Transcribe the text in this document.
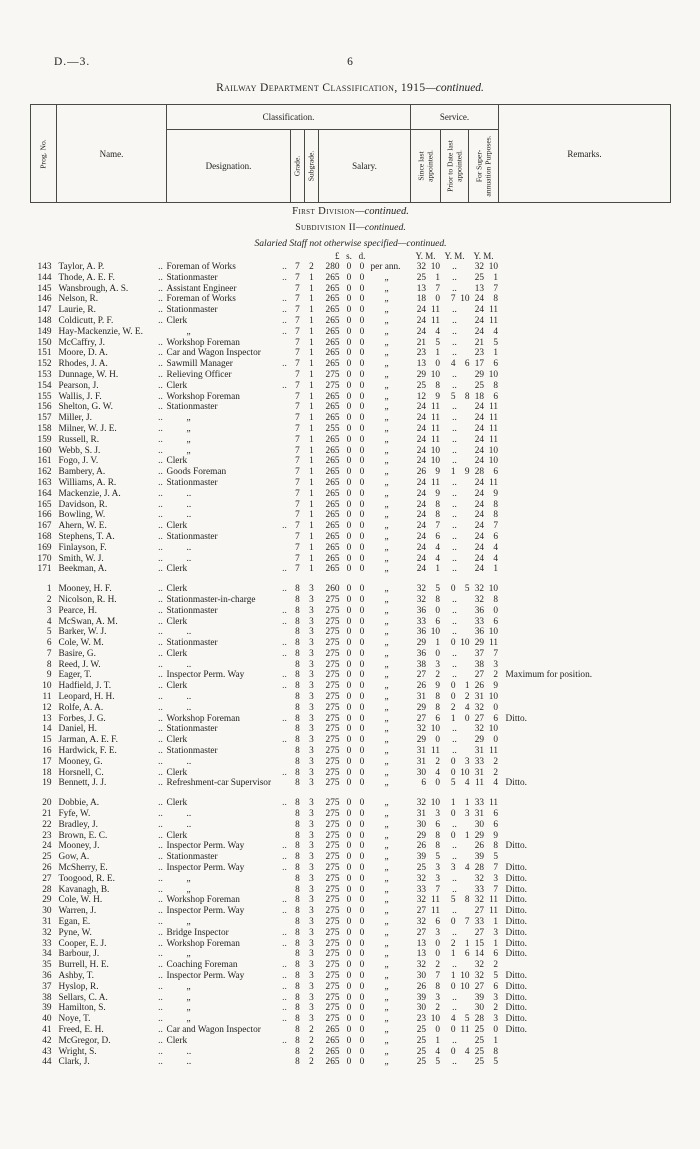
D.—3.	6
Railway Department Classification, 1915—continued.
Prog. No.	Name.		Classification.								Service.			Remarks.
			Designation.		Grade.	Subgrade.	Salary.				Since last appointed.	Prior to Date last appointed.	For Super-annuation Purposes.	

First Division—continued.														
Subdivision II—continued.														
Salaried Staff not otherwise specified—continued.														
							£	s.	d.		Y. M.	Y. M.	Y. M.	
143	Taylor, A. P.	..	Foreman of Works	..	7	2	280	0	0	per ann.	32 10	..	32 10	
144	Thode, A. E. F.	..	Stationmaster	..	7	1	265	0	0	„	25 1	..	25 1	
145	Wansbrough, A. S.	..	Assistant Engineer		7	1	265	0	0	„	13 7	..	13 7	
146	Nelson, R.	..	Foreman of Works	..	7	1	265	0	0	„	18 0	7 10	24 8	
147	Laurie, R.	..	Stationmaster	..	7	1	265	0	0	„	24 11	..	24 11	
148	Coldicutt, P. F.	..	Clerk	..	7	1	265	0	0	„	24 11	..	24 11	
149	Hay-Mackenzie, W. E.		„	..	7	1	265	0	0	„	24 4	..	24 4	
150	McCaffry, J.	..	Workshop Foreman		7	1	265	0	0	„	21 5	..	21 5	
151	Moore, D. A.	..	Car and Wagon Inspector		7	1	265	0	0	„	23 1	..	23 1	
152	Rhodes, J. A.	..	Sawmill Manager	..	7	1	265	0	0	„	13 0	4 6	17 6	
153	Dunnage, W. H.	..	Relieving Officer		7	1	275	0	0	„	29 10	..	29 10	
154	Pearson, J.	..	Clerk	..	7	1	275	0	0	„	25 8	..	25 8	
155	Wallis, J. F.	..	Workshop Foreman		7	1	265	0	0	„	12 9	5 8	18 6	
156	Shelton, G. W.	..	Stationmaster		7	1	265	0	0	„	24 11	..	24 11	
157	Miller, J.	..	„		7	1	265	0	0	„	24 11	..	24 11	
158	Milner, W. J. E.	..	„		7	1	255	0	0	„	24 11	..	24 11	
159	Russell, R.	..	„		7	1	265	0	0	„	24 11	..	24 11	
160	Webb, S. J.	..	„		7	1	265	0	0	„	24 10	..	24 10	
161	Fogo, J. V.	..	Clerk		7	1	265	0	0	„	24 10	..	24 10	
162	Bambery, A.	..	Goods Foreman		7	1	265	0	0	„	26 9	1 9	28 6	
163	Williams, A. R.	..	Stationmaster		7	1	265	0	0	„	24 11	..	24 11	
164	Mackenzie, J. A.	..	..		7	1	265	0	0	„	24 9	..	24 9	
165	Davidson, R.	..	..		7	1	265	0	0	„	24 8	..	24 8	
166	Bowling, W.	..	..		7	1	265	0	0	„	24 8	..	24 8	
167	Ahern, W. E.	..	Clerk	..	7	1	265	0	0	„	24 7	..	24 7	
168	Stephens, T. A.	..	Stationmaster		7	1	265	0	0	„	24 6	..	24 6	
169	Finlayson, F.	..	..		7	1	265	0	0	„	24 4	..	24 4	
170	Smith, W. J.	..	..		7	1	265	0	0	„	24 4	..	24 4	
171	Beekman, A.	..	Clerk	..	7	1	265	0	0	„	24 1	..	24 1	

1	Mooney, H. F.	..	Clerk	..	8	3	260	0	0	„	32 5	0 5	32 10	
2	Nicolson, R. H.	..	Stationmaster-in-charge		8	3	275	0	0	„	32 8	..	32 8	
3	Pearce, H.	..	Stationmaster	..	8	3	275	0	0	„	36 0	..	36 0	
4	McSwan, A. M.	..	Clerk	..	8	3	275	0	0	„	33 6	..	33 6	
5	Barker, W. J.	..	..		8	3	275	0	0	„	36 10	..	36 10	
6	Cole, W. M.	..	Stationmaster	..	8	3	275	0	0	„	29 1	0 10	29 11	
7	Basire, G.	..	Clerk	..	8	3	275	0	0	„	36 0	..	37 7	
8	Reed, J. W.	..	..		8	3	275	0	0	„	38 3	..	38 3	
9	Eager, T.	..	Inspector Perm. Way	..	8	3	275	0	0	„	27 2	..	27 2	Maximum for position.
10	Hadfield, J. T.	..	Clerk	..	8	3	275	0	0	„	26 9	0 1	26 9	
11	Leopard, H. H.	..	..		8	3	275	0	0	„	31 8	0 2	31 10	
12	Rolfe, A. A.	..	..		8	3	275	0	0	„	29 8	2 4	32 0	
13	Forbes, J. G.	..	Workshop Foreman	..	8	3	275	0	0	„	27 6	1 0	27 6	Ditto.
14	Daniel, H.	..	Stationmaster		8	3	275	0	0	„	32 10	..	32 10	
15	Jarman, A. E. F.	..	Clerk	..	8	3	275	0	0	„	29 0	..	29 0	
16	Hardwick, F. E.	..	Stationmaster		8	3	275	0	0	„	31 11	..	31 11	
17	Mooney, G.	..	..		8	3	275	0	0	„	31 2	0 3	33 2	
18	Horsnell, C.	..	Clerk	..	8	3	275	0	0	„	30 4	0 10	31 2	
19	Bennett, J. J.	..	Refreshment-car Supervisor		8	3	275	0	0	„	6 0	5 4	11 4	Ditto.

20	Dobbie, A.	..	Clerk	..	8	3	275	0	0	„	32 10	1 1	33 11	
21	Fyfe, W.	..	..		8	3	275	0	0	„	31 3	0 3	31 6	
22	Bradley, J.	..	..		8	3	275	0	0	„	30 6	..	30 6	
23	Brown, E. C.	..	Clerk		8	3	275	0	0	„	29 8	0 1	29 9	
24	Mooney, J.	..	Inspector Perm. Way	..	8	3	275	0	0	„	26 8	..	26 8	Ditto.
25	Gow, A.	..	Stationmaster	..	8	3	275	0	0	„	39 5	..	39 5	
26	McSherry, E.	..	Inspector Perm. Way	..	8	3	275	0	0	„	25 3	3 4	28 7	Ditto.
27	Toogood, R. E.	..	„		8	3	275	0	0	„	32 3	..	32 3	Ditto.
28	Kavanagh, B.	..	„		8	3	275	0	0	„	33 7	..	33 7	Ditto.
29	Cole, W. H.	..	Workshop Foreman	..	8	3	275	0	0	„	32 11	5 8	32 11	Ditto.
30	Warren, J.	..	Inspector Perm. Way	..	8	3	275	0	0	„	27 11	..	27 11	Ditto.
31	Egan, E.	..	„		8	3	275	0	0	„	32 6	0 7	33 1	Ditto.
32	Pyne, W.	..	Bridge Inspector	..	8	3	275	0	0	„	27 3	..	27 3	Ditto.
33	Cooper, E. J.	..	Workshop Foreman	..	8	3	275	0	0	„	13 0	2 1	15 1	Ditto.
34	Barbour, J.	..	„		8	3	275	0	0	„	13 0	1 6	14 6	Ditto.
35	Burrell, H. E.	..	Coaching Foreman	..	8	3	275	0	0	„	32 2	..	32 2	
36	Ashby, T.	..	Inspector Perm. Way	..	8	3	275	0	0	„	30 7	1 10	32 5	Ditto.
37	Hyslop, R.	..	„	..	8	3	275	0	0	„	26 8	0 10	27 6	Ditto.
38	Sellars, C. A.	..	„	..	8	3	275	0	0	„	39 3	..	39 3	Ditto.
39	Hamilton, S.	..	„	..	8	3	275	0	0	„	30 2	..	30 2	Ditto.
40	Noye, T.	..	„	..	8	3	275	0	0	„	23 10	4 5	28 3	Ditto.
41	Freed, E. H.	..	Car and Wagon Inspector		8	2	265	0	0	„	25 0	0 11	25 0	Ditto.
42	McGregor, D.	..	Clerk	..	8	2	265	0	0	„	25 1	..	25 1	
43	Wright, S.	..	..		8	2	265	0	0	„	25 4	0 4	25 8	
44	Clark, J.	..	..		8	2	265	0	0	„	25 5	..	25 5	
